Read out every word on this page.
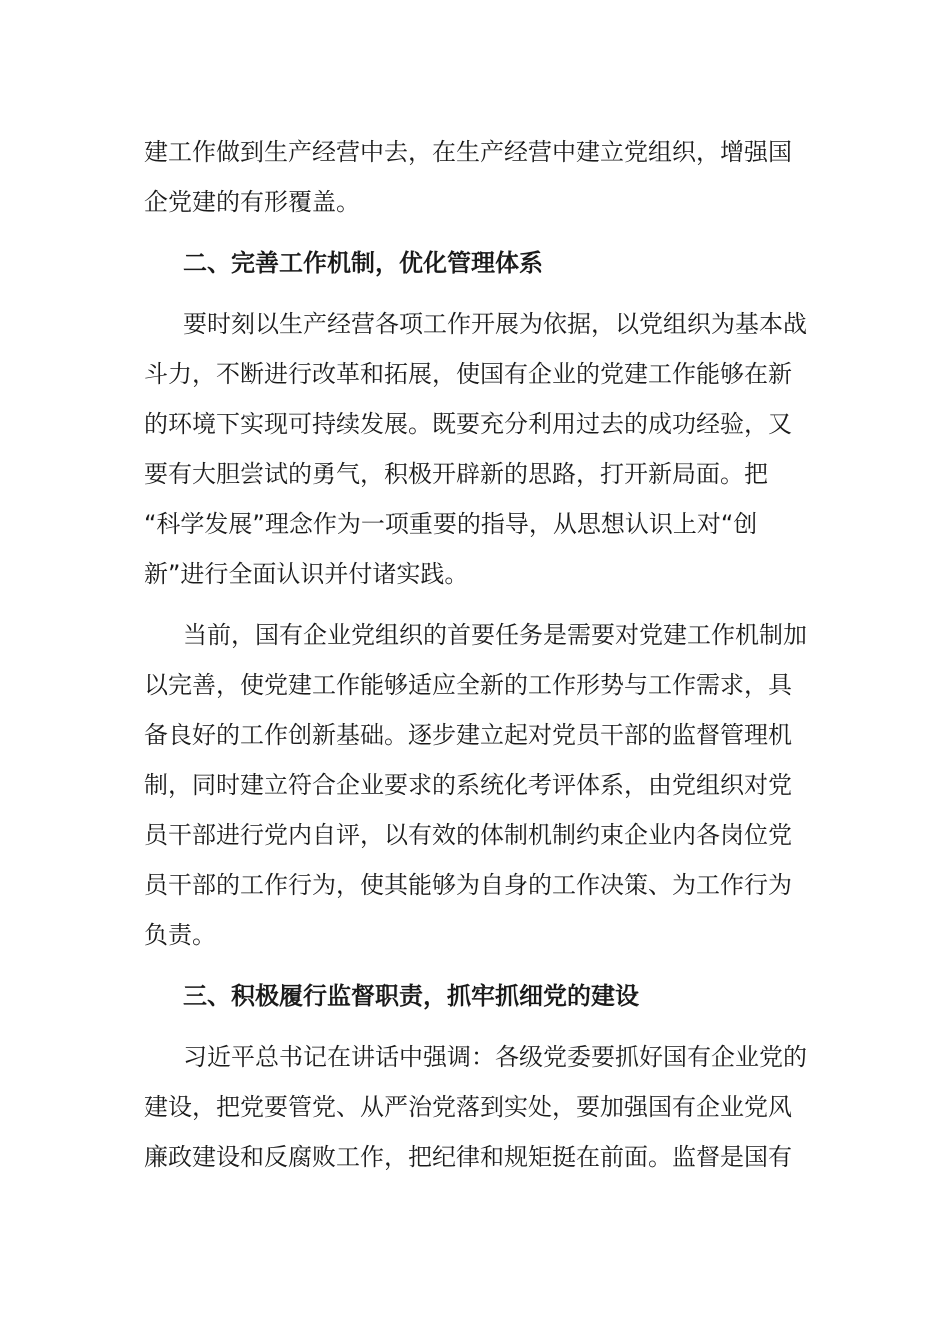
建工作做到生产经营中去，在生产经营中建立党组织，增强国
企党建的有形覆盖。
二、完善工作机制，优化管理体系
要时刻以生产经营各项工作开展为依据，以党组织为基本战
斗力，不断进行改革和拓展，使国有企业的党建工作能够在新
的环境下实现可持续发展。既要充分利用过去的成功经验，又
要有大胆尝试的勇气，积极开辟新的思路，打开新局面。把
“科学发展”理念作为一项重要的指导，从思想认识上对“创
新”进行全面认识并付诸实践。
当前，国有企业党组织的首要任务是需要对党建工作机制加
以完善，使党建工作能够适应全新的工作形势与工作需求，具
备良好的工作创新基础。逐步建立起对党员干部的监督管理机
制，同时建立符合企业要求的系统化考评体系，由党组织对党
员干部进行党内自评，以有效的体制机制约束企业内各岗位党
员干部的工作行为，使其能够为自身的工作决策、为工作行为
负责。
三、积极履行监督职责，抓牢抓细党的建设
习近平总书记在讲话中强调：各级党委要抓好国有企业党的
建设，把党要管党、从严治党落到实处，要加强国有企业党风
廉政建设和反腐败工作，把纪律和规矩挺在前面。监督是国有
